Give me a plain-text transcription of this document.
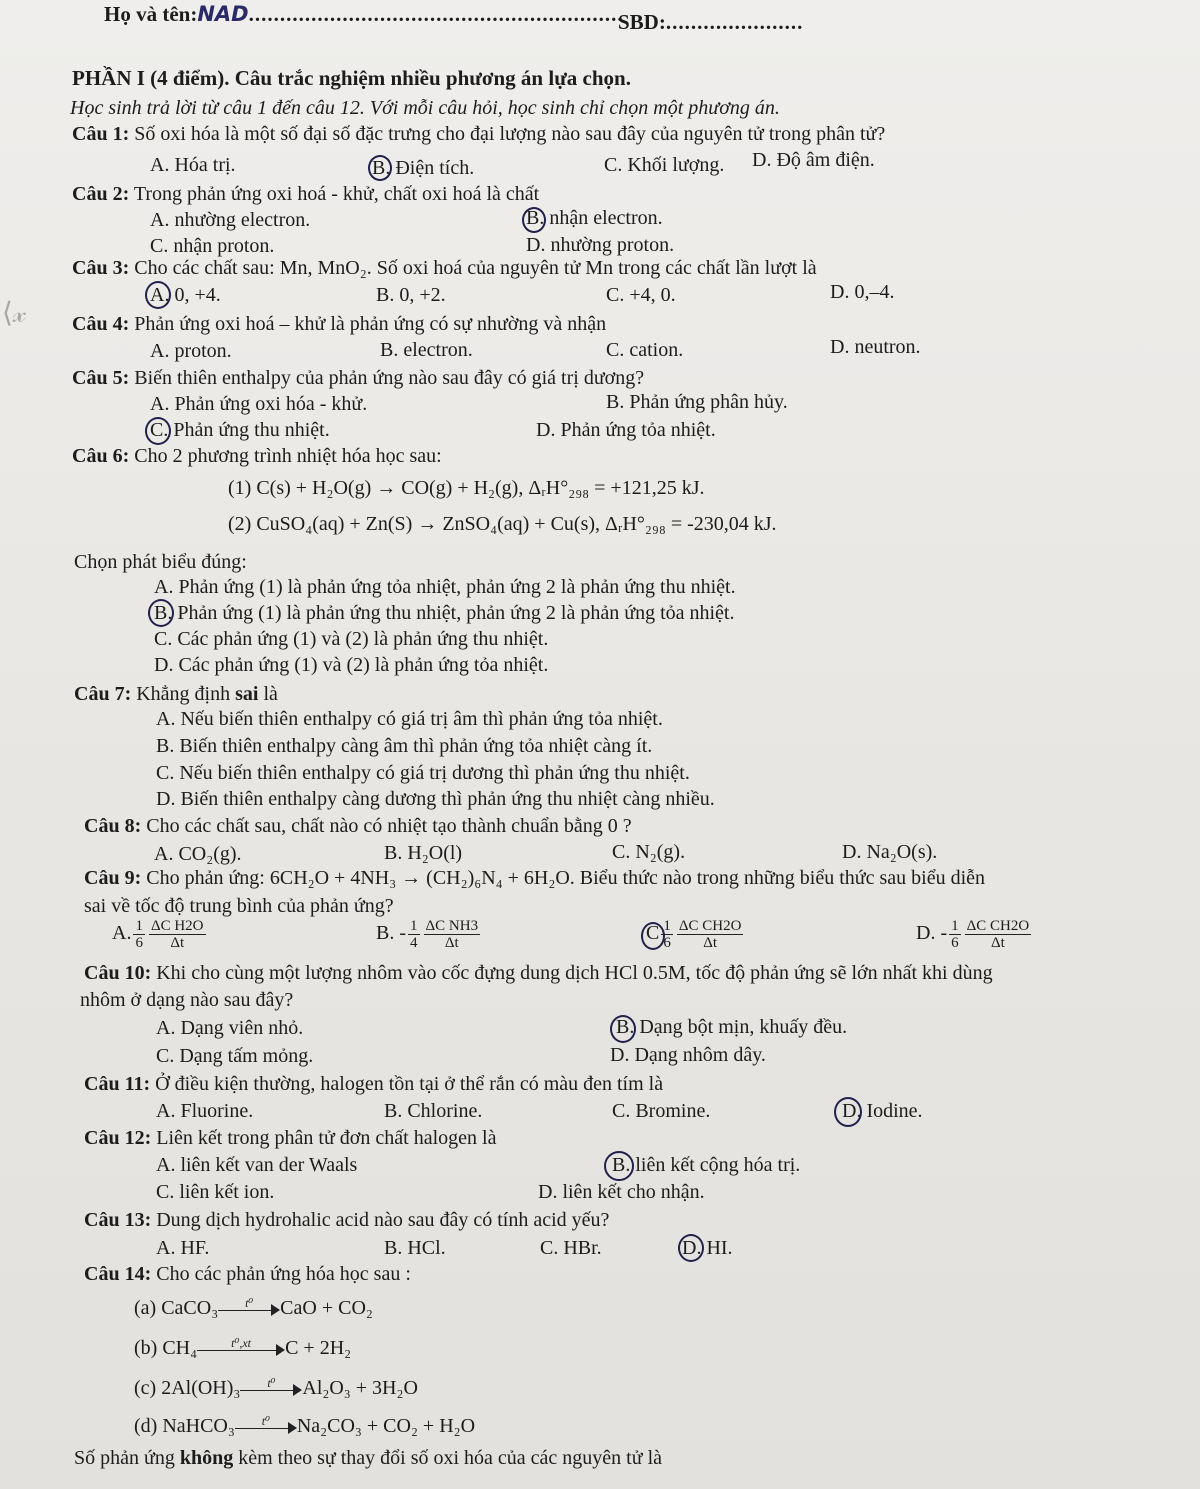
Họ và tên:NAD............................................................
SBD:......................
PHẦN I (4 điểm). Câu trắc nghiệm nhiều phương án lựa chọn.
Học sinh trả lời từ câu 1 đến câu 12. Với mỗi câu hỏi, học sinh chỉ chọn một phương án.
Câu 1: Số oxi hóa là một số đại số đặc trưng cho đại lượng nào sau đây của nguyên tử trong phân tử?
A. Hóa trị.	B. Điện tích.	C. Khối lượng. D. Độ âm điện.
Câu 2: Trong phản ứng oxi hoá - khử, chất oxi hoá là chất
A. nhường electron.	B. nhận electron.
C. nhận proton.	D. nhường proton.
Câu 3: Cho các chất sau: Mn, MnO₂. Số oxi hoá của nguyên tử Mn trong các chất lần lượt là
A. 0, +4.	B. 0, +2.	C. +4, 0.	D. 0,–4.
⟨𝓍 Câu 4: Phản ứng oxi hoá – khử là phản ứng có sự nhường và nhận
A. proton.	B. electron.	C. cation.	D. neutron.
Câu 5: Biến thiên enthalpy của phản ứng nào sau đây có giá trị dương?
A. Phản ứng oxi hóa - khử.	B. Phản ứng phân hủy.
C. Phản ứng thu nhiệt.	D. Phản ứng tỏa nhiệt.
Câu 6: Cho 2 phương trình nhiệt hóa học sau:
(1) C(s) + H₂O(g) → CO(g) + H₂(g), ΔᵣH°₂₉₈ = +121,25 kJ.
(2) CuSO₄(aq) + Zn(S) → ZnSO₄(aq) + Cu(s), ΔᵣH°₂₉₈ = -230,04 kJ.
Chọn phát biểu đúng:
A. Phản ứng (1) là phản ứng tỏa nhiệt, phản ứng 2 là phản ứng thu nhiệt.
B. Phản ứng (1) là phản ứng thu nhiệt, phản ứng 2 là phản ứng tỏa nhiệt.
C. Các phản ứng (1) và (2) là phản ứng thu nhiệt.
D. Các phản ứng (1) và (2) là phản ứng tỏa nhiệt.
Câu 7: Khẳng định sai là
A. Nếu biến thiên enthalpy có giá trị âm thì phản ứng tỏa nhiệt.
B. Biến thiên enthalpy càng âm thì phản ứng tỏa nhiệt càng ít.
C. Nếu biến thiên enthalpy có giá trị dương thì phản ứng thu nhiệt.
D. Biến thiên enthalpy càng dương thì phản ứng thu nhiệt càng nhiều.
Câu 8: Cho các chất sau, chất nào có nhiệt tạo thành chuẩn bằng 0 ?
A. CO₂(g).	B. H₂O(l)	C. N₂(g).	D. Na₂O(s).
Câu 9: Cho phản ứng: 6CH₂O + 4NH₃ → (CH₂)₆N₄ + 6H₂O. Biểu thức nào trong những biểu thức sau biểu diễn
sai về tốc độ trung bình của phản ứng?
A. $\frac{1}{6} \frac{\text{ΔC H2O}}{\Delta t}$	B. - $\frac{1}{4} \frac{\text{ΔC NH3}}{\Delta t}$	C $\frac{1}{6} \frac{\text{ΔC CH2O}}{\Delta t}$	D. - $\frac{1}{6} \frac{\text{ΔC CH2O}}{\Delta t}$
Câu 10: Khi cho cùng một lượng nhôm vào cốc đựng dung dịch HCl 0.5M, tốc độ phản ứng sẽ lớn nhất khi dùng
nhôm ở dạng nào sau đây?
A. Dạng viên nhỏ.	B. Dạng bột mịn, khuấy đều.
C. Dạng tấm mỏng.	D. Dạng nhôm dây.
Câu 11: Ở điều kiện thường, halogen tồn tại ở thể rắn có màu đen tím là
A. Fluorine.	B. Chlorine.	C. Bromine.	D. Iodine.
Câu 12: Liên kết trong phân tử đơn chất halogen là
A. liên kết van der Waals	B. liên kết cộng hóa trị.
C. liên kết ion.	D. liên kết cho nhận.
Câu 13: Dung dịch hydrohalic acid nào sau đây có tính acid yếu?
A. HF.	B. HCl.	C. HBr.	D. HI.
Câu 14: Cho các phản ứng hóa học sau :
(a) CaCO₃	t⁰	CaO + CO₂
(b) CH₄	t⁰,xt	C + 2H₂
(c) 2Al(OH)₃	t⁰	Al₂O₃ + 3H₂O
(d) NaHCO₃	t⁰	Na₂CO₃ + CO₂ + H₂O
Số phản ứng không kèm theo sự thay đổi số oxi hóa của các nguyên tử là
